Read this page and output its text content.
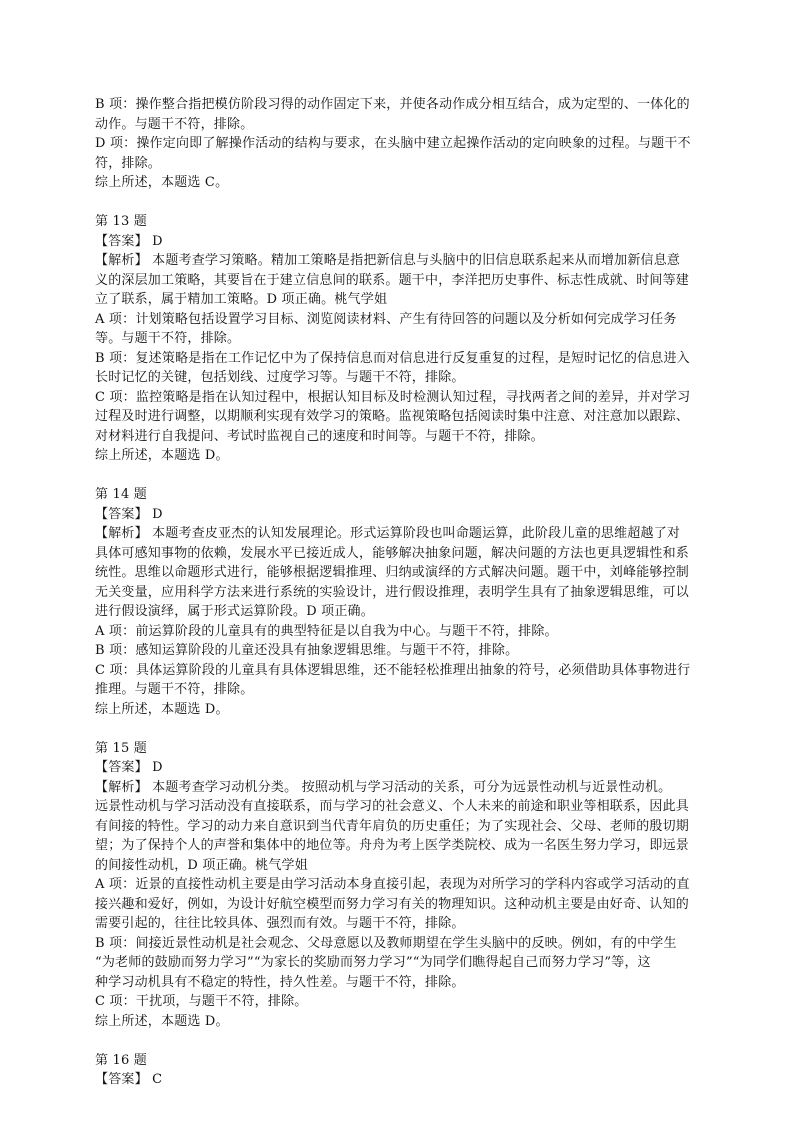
B 项：操作整合指把模仿阶段习得的动作固定下来，并使各动作成分相互结合，成为定型的、一体化的
动作。与题干不符，排除。
D 项：操作定向即了解操作活动的结构与要求，在头脑中建立起操作活动的定向映象的过程。与题干不
符，排除。
综上所述，本题选 C。
第 13 题
【答案】 D
【解析】 本题考查学习策略。精加工策略是指把新信息与头脑中的旧信息联系起来从而增加新信息意
义的深层加工策略，其要旨在于建立信息间的联系。题干中，李洋把历史事件、标志性成就、时间等建
立了联系，属于精加工策略。D 项正确。桃气学姐
A 项：计划策略包括设置学习目标、浏览阅读材料、产生有待回答的问题以及分析如何完成学习任务
等。与题干不符，排除。
B 项：复述策略是指在工作记忆中为了保持信息而对信息进行反复重复的过程，是短时记忆的信息进入
长时记忆的关键，包括划线、过度学习等。与题干不符，排除。
C 项：监控策略是指在认知过程中，根据认知目标及时检测认知过程，寻找两者之间的差异，并对学习
过程及时进行调整，以期顺利实现有效学习的策略。监视策略包括阅读时集中注意、对注意加以跟踪、
对材料进行自我提问、考试时监视自己的速度和时间等。与题干不符，排除。
综上所述，本题选 D。
第 14 题
【答案】 D
【解析】 本题考查皮亚杰的认知发展理论。形式运算阶段也叫命题运算，此阶段儿童的思维超越了对
具体可感知事物的依赖，发展水平已接近成人，能够解决抽象问题，解决问题的方法也更具逻辑性和系
统性。思维以命题形式进行，能够根据逻辑推理、归纳或演绎的方式解决问题。题干中，刘峰能够控制
无关变量，应用科学方法来进行系统的实验设计，进行假设推理，表明学生具有了抽象逻辑思维，可以
进行假设演绎，属于形式运算阶段。D 项正确。
A 项：前运算阶段的儿童具有的典型特征是以自我为中心。与题干不符，排除。
B 项：感知运算阶段的儿童还没具有抽象逻辑思维。与题干不符，排除。
C 项：具体运算阶段的儿童具有具体逻辑思维，还不能轻松推理出抽象的符号，必须借助具体事物进行
推理。与题干不符，排除。
综上所述，本题选 D。
第 15 题
【答案】 D
【解析】 本题考查学习动机分类。 按照动机与学习活动的关系，可分为远景性动机与近景性动机。
远景性动机与学习活动没有直接联系，而与学习的社会意义、个人未来的前途和职业等相联系，因此具
有间接的特性。学习的动力来自意识到当代青年肩负的历史重任；为了实现社会、父母、老师的殷切期
望；为了保持个人的声誉和集体中的地位等。舟舟为考上医学类院校、成为一名医生努力学习，即远景
的间接性动机，D 项正确。桃气学姐
A 项：近景的直接性动机主要是由学习活动本身直接引起，表现为对所学习的学科内容或学习活动的直
接兴趣和爱好，例如，为设计好航空模型而努力学习有关的物理知识。这种动机主要是由好奇、认知的
需要引起的，往往比较具体、强烈而有效。与题干不符，排除。
B 项：间接近景性动机是社会观念、父母意愿以及教师期望在学生头脑中的反映。例如，有的中学生
“为老师的鼓励而努力学习”“为家长的奖励而努力学习”“为同学们瞧得起自己而努力学习”等，这
种学习动机具有不稳定的特性，持久性差。与题干不符，排除。
C 项：干扰项，与题干不符，排除。
综上所述，本题选 D。
第 16 题
【答案】 C
